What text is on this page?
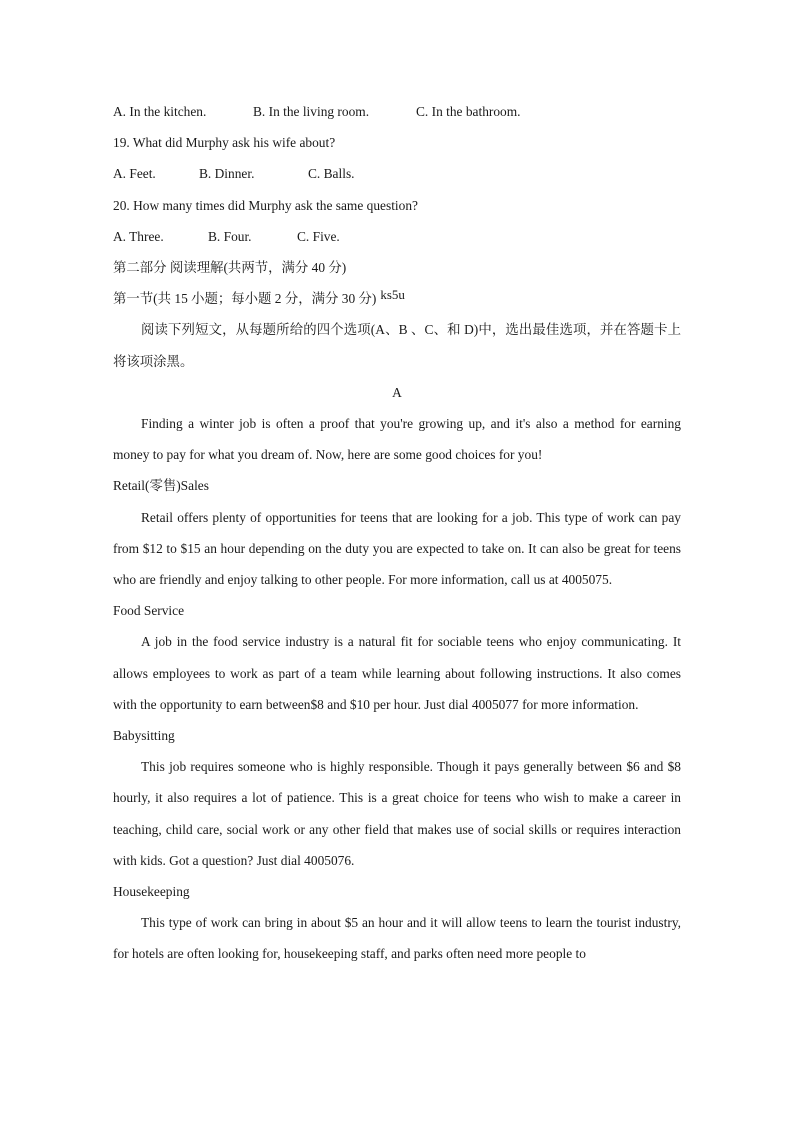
A. In the kitchen.	B. In the living room.	C. In the bathroom.
19. What did Murphy ask his wife about?
A. Feet.	B. Dinner.	C. Balls.
20. How many times did Murphy ask the same question?
A. Three.	B. Four.	C. Five.
第二部分 阅读理解(共两节，满分 40 分)
第一节(共 15 小题；每小题 2 分，满分 30 分) ks5u

阅读下列短文，从每题所给的四个选项(A、B 、C、和 D)中，选出最佳选项，并在答题卡上将该项涂黑。

A

Finding a winter job is often a proof that you're growing up, and it's also a method for earning money to pay for what you dream of. Now, here are some good choices for you!

Retail(零售)Sales

Retail offers plenty of opportunities for teens that are looking for a job. This type of work can pay from $12 to $15 an hour depending on the duty you are expected to take on. It can also be great for teens who are friendly and enjoy talking to other people. For more information, call us at 4005075.

Food Service

A job in the food service industry is a natural fit for sociable teens who enjoy communicating. It allows employees to work as part of a team while learning about following instructions. It also comes with the opportunity to earn between$8 and $10 per hour. Just dial 4005077 for more information.

Babysitting

This job requires someone who is highly responsible. Though it pays generally between $6 and $8 hourly, it also requires a lot of patience. This is a great choice for teens who wish to make a career in teaching, child care, social work or any other field that makes use of social skills or requires interaction with kids. Got a question? Just dial 4005076.

Housekeeping

This type of work can bring in about $5 an hour and it will allow teens to learn the tourist industry, for hotels are often looking for, housekeeping staff, and parks often need more people to
